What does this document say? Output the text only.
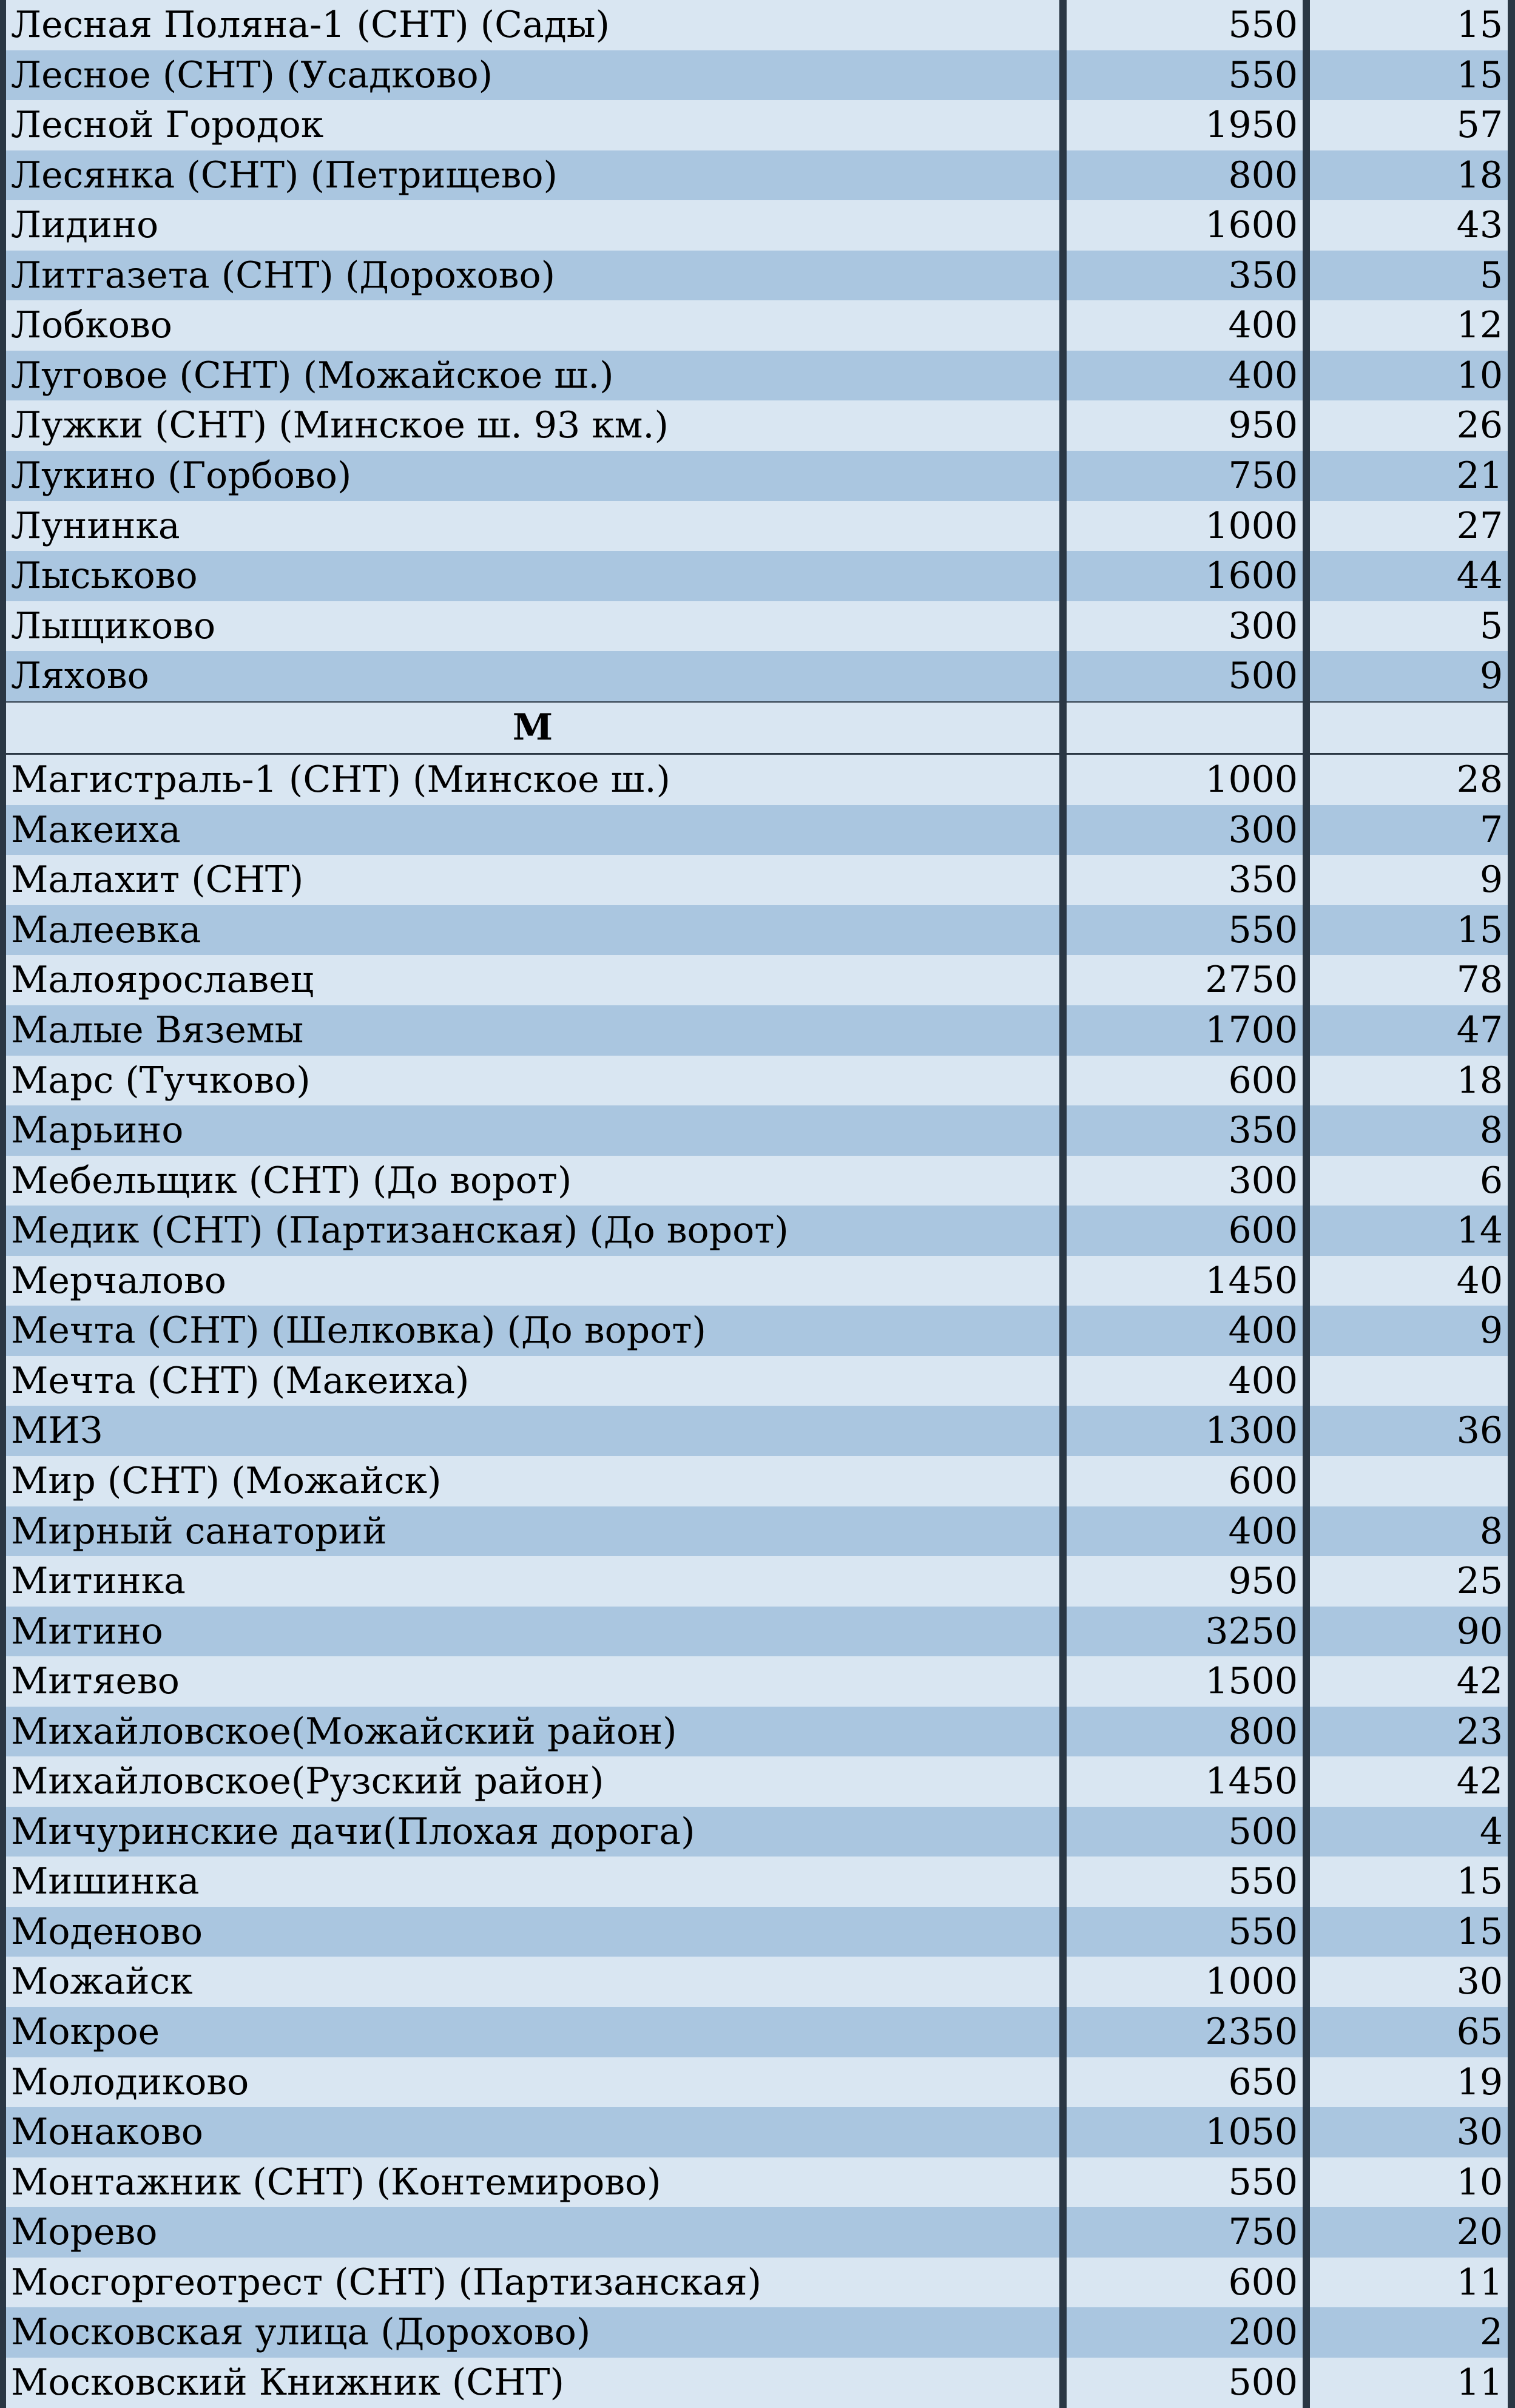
Лесная Поляна-1 (СНТ) (Сады)	550	15
Лесное (СНТ) (Усадково)	550	15
Лесной Городок	1950	57
Лесянка (СНТ) (Петрищево)	800	18
Лидино	1600	43
Литгазета (СНТ) (Дорохово)	350	5
Лобково	400	12
Луговое (СНТ) (Можайское ш.)	400	10
Лужки (СНТ) (Минское ш. 93 км.)	950	26
Лукино (Горбово)	750	21
Лунинка	1000	27
Лыськово	1600	44
Лыщиково	300	5
Ляхово	500	9
М
Магистраль-1 (СНТ) (Минское ш.)	1000	28
Макеиха	300	7
Малахит (СНТ)	350	9
Малеевка	550	15
Малоярославец	2750	78
Малые Вяземы	1700	47
Марс (Тучково)	600	18
Марьино	350	8
Мебельщик (СНТ) (До ворот)	300	6
Медик (СНТ) (Партизанская) (До ворот)	600	14
Мерчалово	1450	40
Мечта (СНТ) (Шелковка) (До ворот)	400	9
Мечта (СНТ) (Макеиха)	400
МИЗ	1300	36
Мир (СНТ) (Можайск)	600
Мирный санаторий	400	8
Митинка	950	25
Митино	3250	90
Митяево	1500	42
Михайловское(Можайский район)	800	23
Михайловское(Рузский район)	1450	42
Мичуринские дачи(Плохая дорога)	500	4
Мишинка	550	15
Моденово	550	15
Можайск	1000	30
Мокрое	2350	65
Молодиково	650	19
Монаково	1050	30
Монтажник (СНТ) (Контемирово)	550	10
Морево	750	20
Мосгоргеотрест (СНТ) (Партизанская)	600	11
Московская улица (Дорохово)	200	2
Московский Книжник (СНТ)	500	11
